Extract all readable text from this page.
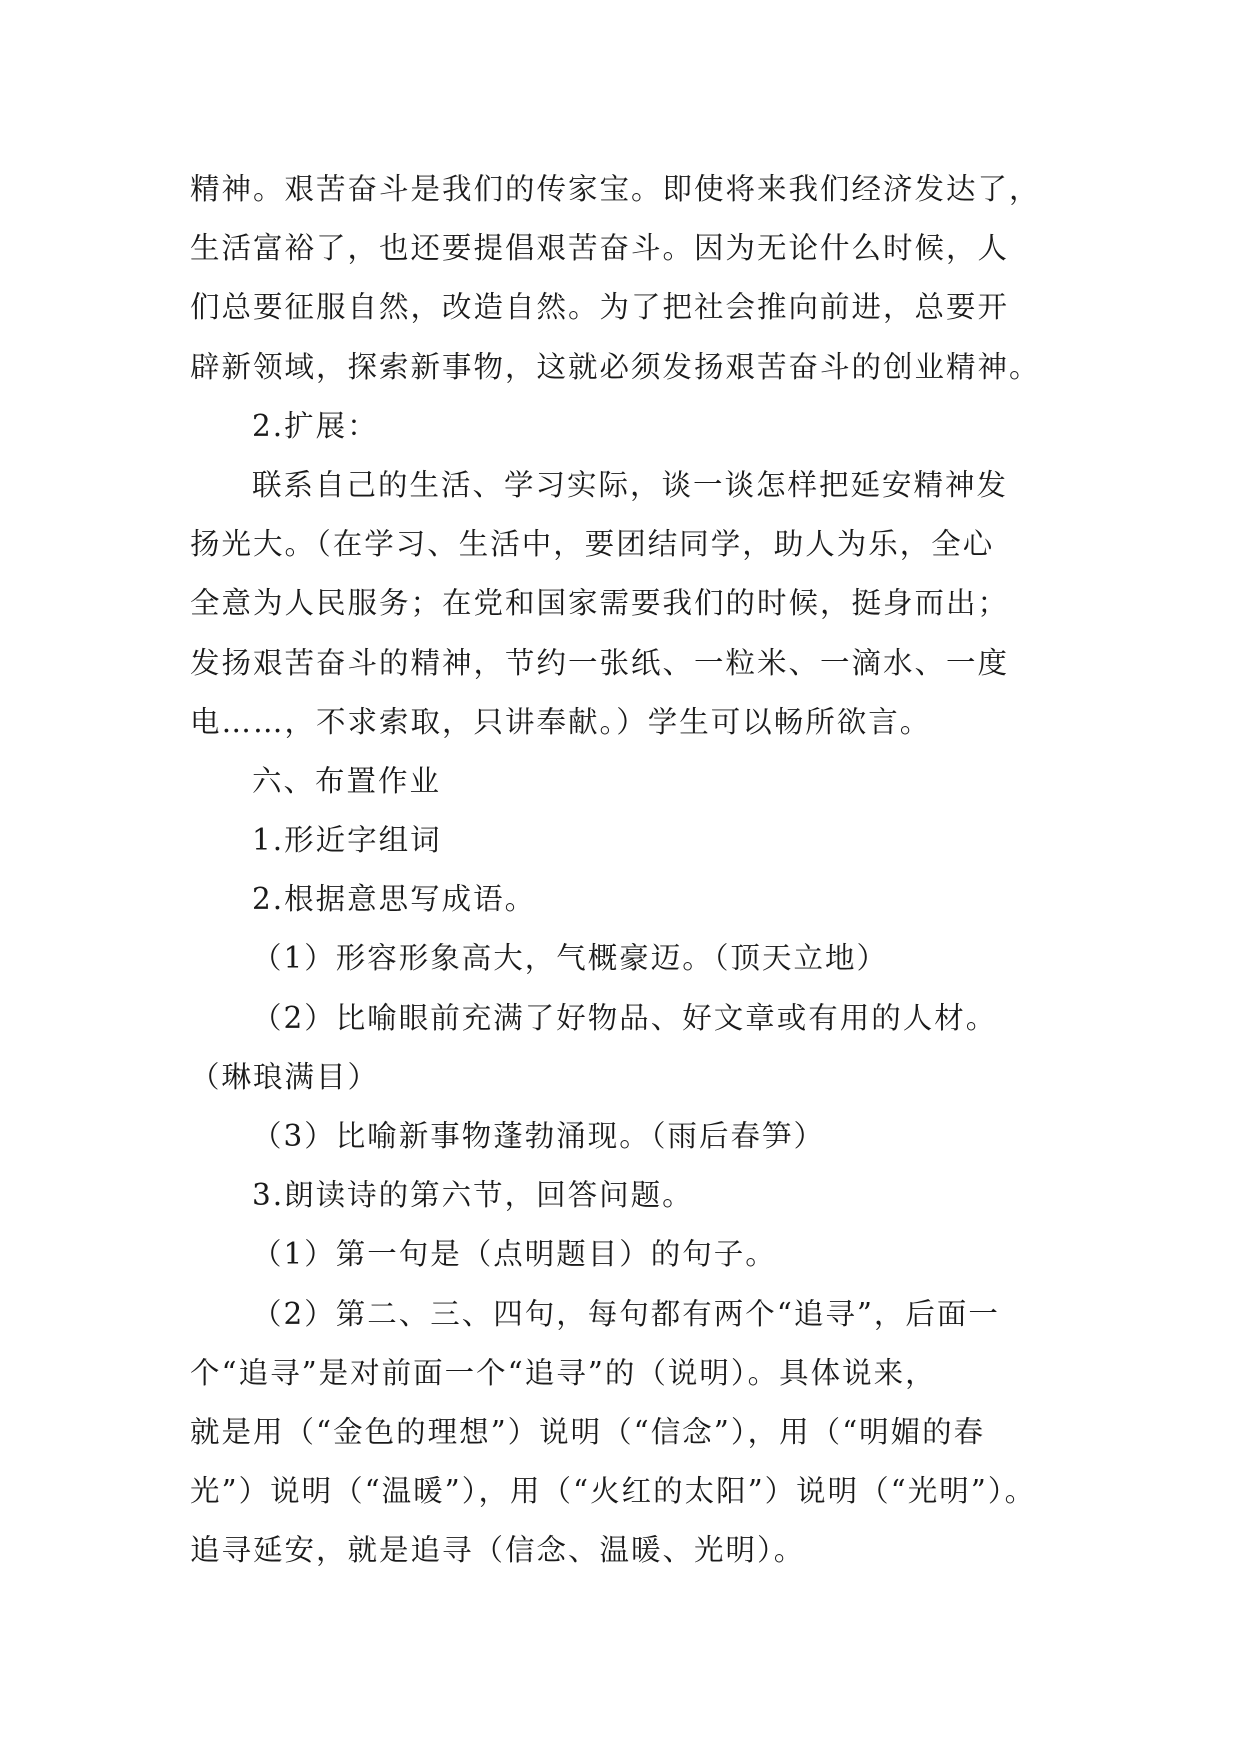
精神。艰苦奋斗是我们的传家宝。即使将来我们经济发达了，
生活富裕了，也还要提倡艰苦奋斗。因为无论什么时候，人
们总要征服自然，改造自然。为了把社会推向前进，总要开
辟新领域，探索新事物，这就必须发扬艰苦奋斗的创业精神。
2.扩展：
联系自己的生活、学习实际，谈一谈怎样把延安精神发
扬光大。（在学习、生活中，要团结同学，助人为乐，全心
全意为人民服务；在党和国家需要我们的时候，挺身而出；
发扬艰苦奋斗的精神，节约一张纸、一粒米、一滴水、一度
电……，不求索取，只讲奉献。）学生可以畅所欲言。
六、布置作业
1.形近字组词
2.根据意思写成语。
（1）形容形象高大，气概豪迈。（顶天立地）
（2）比喻眼前充满了好物品、好文章或有用的人材。
（琳琅满目）
（3）比喻新事物蓬勃涌现。（雨后春笋）
3.朗读诗的第六节，回答问题。
（1）第一句是（点明题目）的句子。
（2）第二、三、四句，每句都有两个“追寻”，后面一
个“追寻”是对前面一个“追寻”的（说明）。具体说来，
就是用（“金色的理想”）说明（“信念”），用（“明媚的春
光”）说明（“温暖”），用（“火红的太阳”）说明（“光明”）。
追寻延安，就是追寻（信念、温暖、光明）。
